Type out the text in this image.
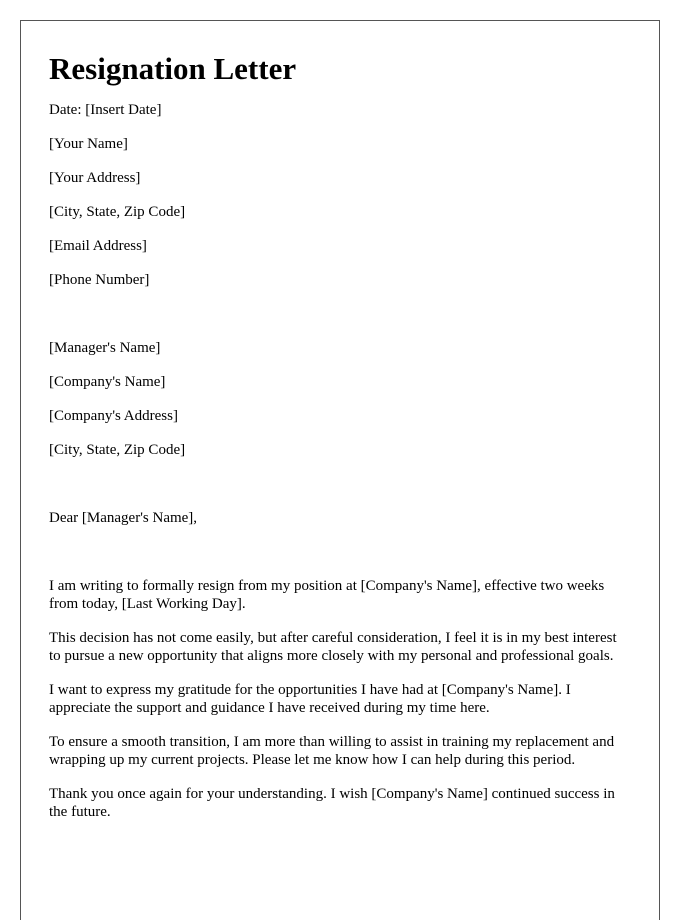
Resignation Letter

Date: [Insert Date]

[Your Name]

[Your Address]

[City, State, Zip Code]

[Email Address]

[Phone Number]

[Manager's Name]

[Company's Name]

[Company's Address]

[City, State, Zip Code]

Dear [Manager's Name],

I am writing to formally resign from my position at [Company's Name], effective two weeks from today, [Last Working Day].

This decision has not come easily, but after careful consideration, I feel it is in my best interest to pursue a new opportunity that aligns more closely with my personal and professional goals.

I want to express my gratitude for the opportunities I have had at [Company's Name]. I appreciate the support and guidance I have received during my time here.

To ensure a smooth transition, I am more than willing to assist in training my replacement and wrapping up my current projects. Please let me know how I can help during this period.

Thank you once again for your understanding. I wish [Company's Name] continued success in the future.
